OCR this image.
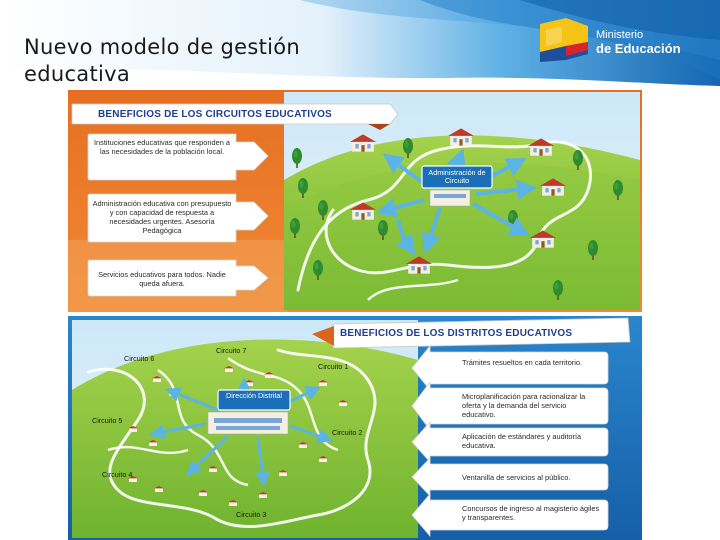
Nuevo modelo de gestión educativa
Ministerio
de Educación
BENEFICIOS DE LOS CIRCUITOS EDUCATIVOS
Instituciones educativas que responden a las necesidades de la población local.
Administración educativa con presupuesto y con capacidad de respuesta a necesidades urgentes. Asesoría Pedagógica
Servicios educativos para todos. Nadie queda afuera.
Administración de Circuito
BENEFICIOS DE LOS DISTRITOS EDUCATIVOS
Trámites resueltos en cada territorio.
Microplanificación para racionalizar la oferta y la demanda del servicio educativo.
Aplicación de estándares y auditoría educativa.
Ventanilla de servicios al público.
Concursos de ingreso al magisterio ágiles y transparentes.
Dirección Distrital
Circuito 6
Circuito 7
Circuito 1
Circuito 5
Circuito 2
Circuito 4
Circuito 3
